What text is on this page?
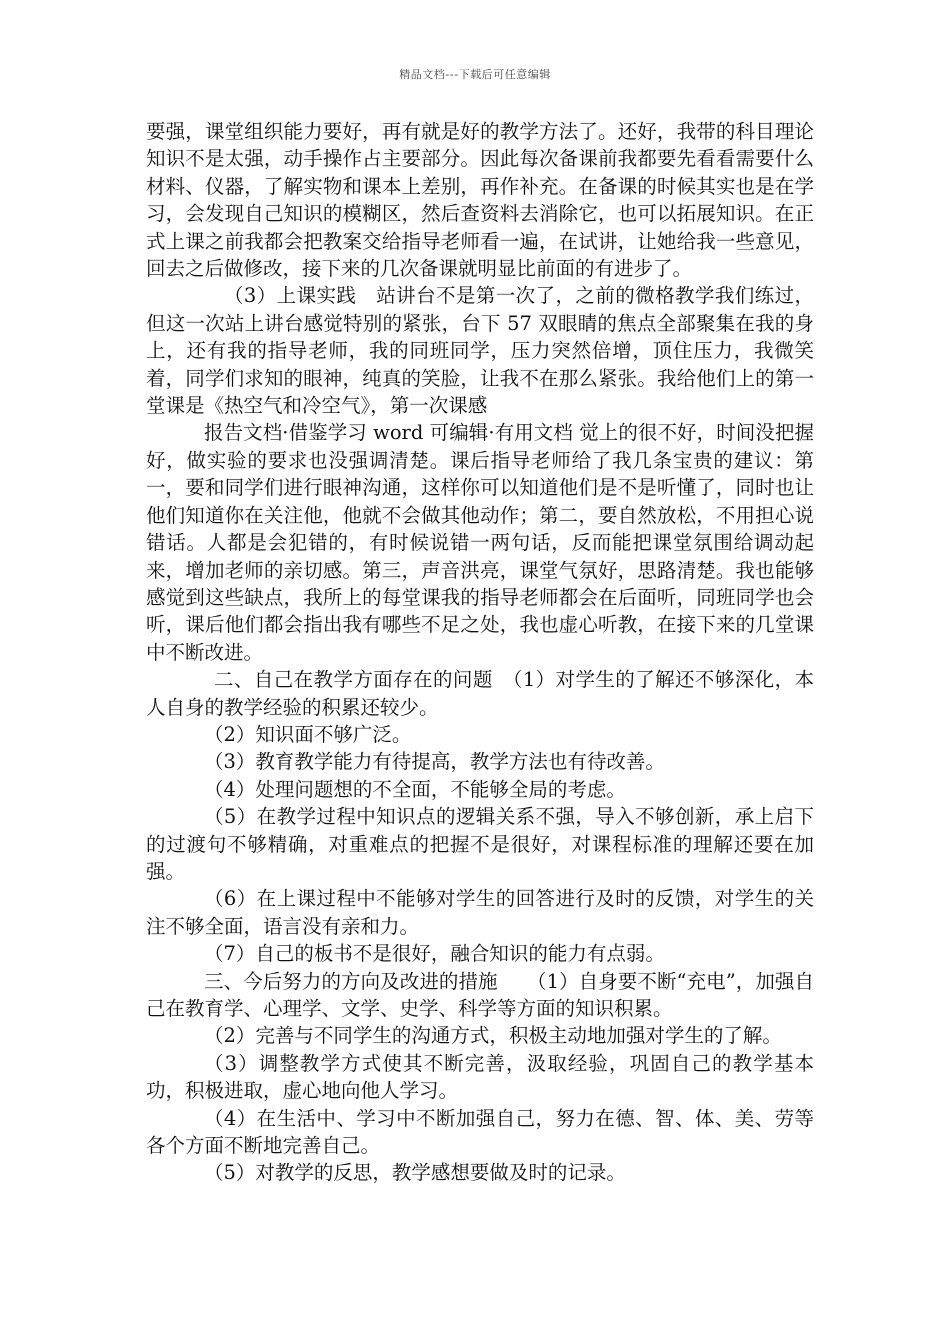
精品文档---下载后可任意编辑

要强，课堂组织能力要好，再有就是好的教学方法了。还好，我带的科目理论知识不是太强，动手操作占主要部分。因此每次备课前我都要先看看需要什么材料、仪器，了解实物和课本上差别，再作补充。在备课的时候其实也是在学习，会发现自己知识的模糊区，然后查资料去消除它，也可以拓展知识。在正式上课之前我都会把教案交给指导老师看一遍，在试讲，让她给我一些意见，回去之后做修改，接下来的几次备课就明显比前面的有进步了。

（3）上课实践　站讲台不是第一次了，之前的微格教学我们练过，但这一次站上讲台感觉特别的紧张，台下 57 双眼睛的焦点全部聚集在我的身上，还有我的指导老师，我的同班同学，压力突然倍增，顶住压力，我微笑着，同学们求知的眼神，纯真的笑脸，让我不在那么紧张。我给他们上的第一堂课是《热空气和冷空气》，第一次课感

报告文档·借鉴学习 word 可编辑·有用文档 觉上的很不好，时间没把握好，做实验的要求也没强调清楚。课后指导老师给了我几条宝贵的建议：第一，要和同学们进行眼神沟通，这样你可以知道他们是不是听懂了，同时也让他们知道你在关注他，他就不会做其他动作；第二，要自然放松，不用担心说错话。人都是会犯错的，有时候说错一两句话，反而能把课堂氛围给调动起来，增加老师的亲切感。第三，声音洪亮，课堂气氛好，思路清楚。我也能够感觉到这些缺点，我所上的每堂课我的指导老师都会在后面听，同班同学也会听，课后他们都会指出我有哪些不足之处，我也虚心听教，在接下来的几堂课中不断改进。

二、自己在教学方面存在的问题　（1）对学生的了解还不够深化，本人自身的教学经验的积累还较少。

（2）知识面不够广泛。

（3）教育教学能力有待提高，教学方法也有待改善。

（4）处理问题想的不全面，不能够全局的考虑。

（5）在教学过程中知识点的逻辑关系不强，导入不够创新，承上启下的过渡句不够精确，对重难点的把握不是很好，对课程标准的理解还要在加强。

（6）在上课过程中不能够对学生的回答进行及时的反馈，对学生的关注不够全面，语言没有亲和力。

（7）自己的板书不是很好，融合知识的能力有点弱。

三、今后努力的方向及改进的措施　　（1）自身要不断“充电”，加强自己在教育学、心理学、文学、史学、科学等方面的知识积累。

（2）完善与不同学生的沟通方式，积极主动地加强对学生的了解。

（3）调整教学方式使其不断完善，汲取经验，巩固自己的教学基本功，积极进取，虚心地向他人学习。

（4）在生活中、学习中不断加强自己，努力在德、智、体、美、劳等各个方面不断地完善自己。

（5）对教学的反思，教学感想要做及时的记录。
